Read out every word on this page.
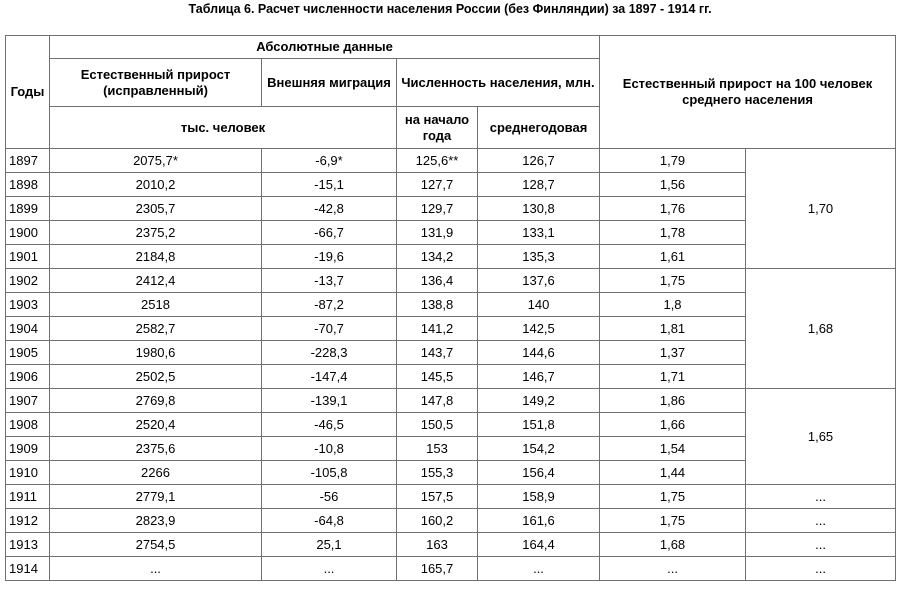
Таблица 6. Расчет численности населения России (без Финляндии) за 1897 - 1914 гг.
Годы	Абсолютные данные				Естественный прирост на 100 человек среднего населения	
	Естественный прирост (исправленный)	Внешняя миграция	Численность населения, млн.			
	тыс. человек		на начало года	среднегодовая		
1897	2075,7*	-6,9*	125,6**	126,7	1,79	1,70
1898	2010,2	-15,1	127,7	128,7	1,56	
1899	2305,7	-42,8	129,7	130,8	1,76	
1900	2375,2	-66,7	131,9	133,1	1,78	
1901	2184,8	-19,6	134,2	135,3	1,61	
1902	2412,4	-13,7	136,4	137,6	1,75	1,68
1903	2518	-87,2	138,8	140	1,8	
1904	2582,7	-70,7	141,2	142,5	1,81	
1905	1980,6	-228,3	143,7	144,6	1,37	
1906	2502,5	-147,4	145,5	146,7	1,71	
1907	2769,8	-139,1	147,8	149,2	1,86	1,65
1908	2520,4	-46,5	150,5	151,8	1,66	
1909	2375,6	-10,8	153	154,2	1,54	
1910	2266	-105,8	155,3	156,4	1,44	
1911	2779,1	-56	157,5	158,9	1,75	...
1912	2823,9	-64,8	160,2	161,6	1,75	...
1913	2754,5	25,1	163	164,4	1,68	...
1914	...	...	165,7	...	...	...
